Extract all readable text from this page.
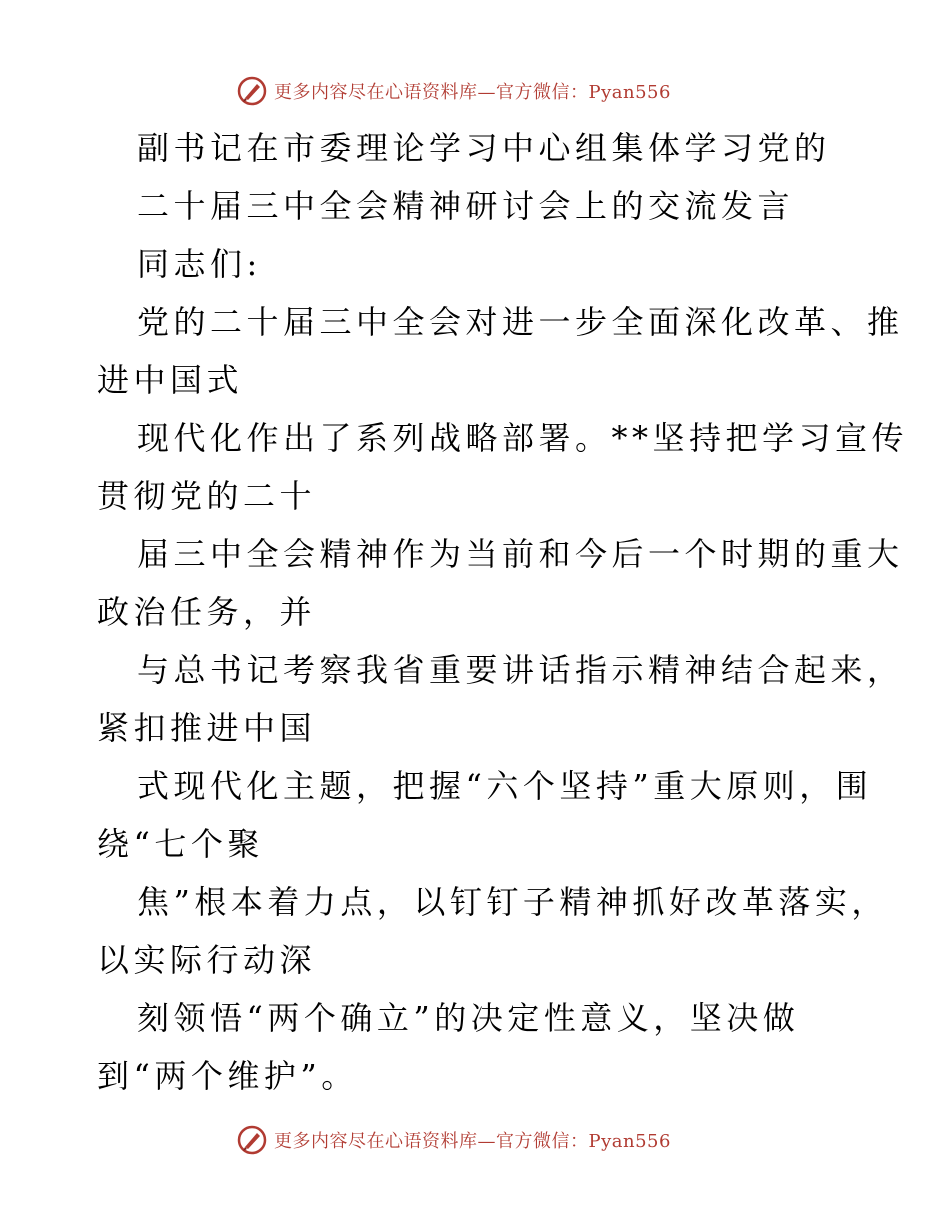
更多内容尽在心语资料库—官方微信：Pyan556
副书记在市委理论学习中心组集体学习党的
二十届三中全会精神研讨会上的交流发言
同志们:
党的二十届三中全会对进一步全面深化改革、推
进中国式
现代化作出了系列战略部署。**坚持把学习宣传
贯彻党的二十
届三中全会精神作为当前和今后一个时期的重大
政治任务，并
与总书记考察我省重要讲话指示精神结合起来，
紧扣推进中国
式现代化主题，把握“六个坚持”重大原则，围
绕“七个聚
焦”根本着力点，以钉钉子精神抓好改革落实，
以实际行动深
刻领悟“两个确立”的决定性意义，坚决做
到“两个维护”。
更多内容尽在心语资料库—官方微信：Pyan556
